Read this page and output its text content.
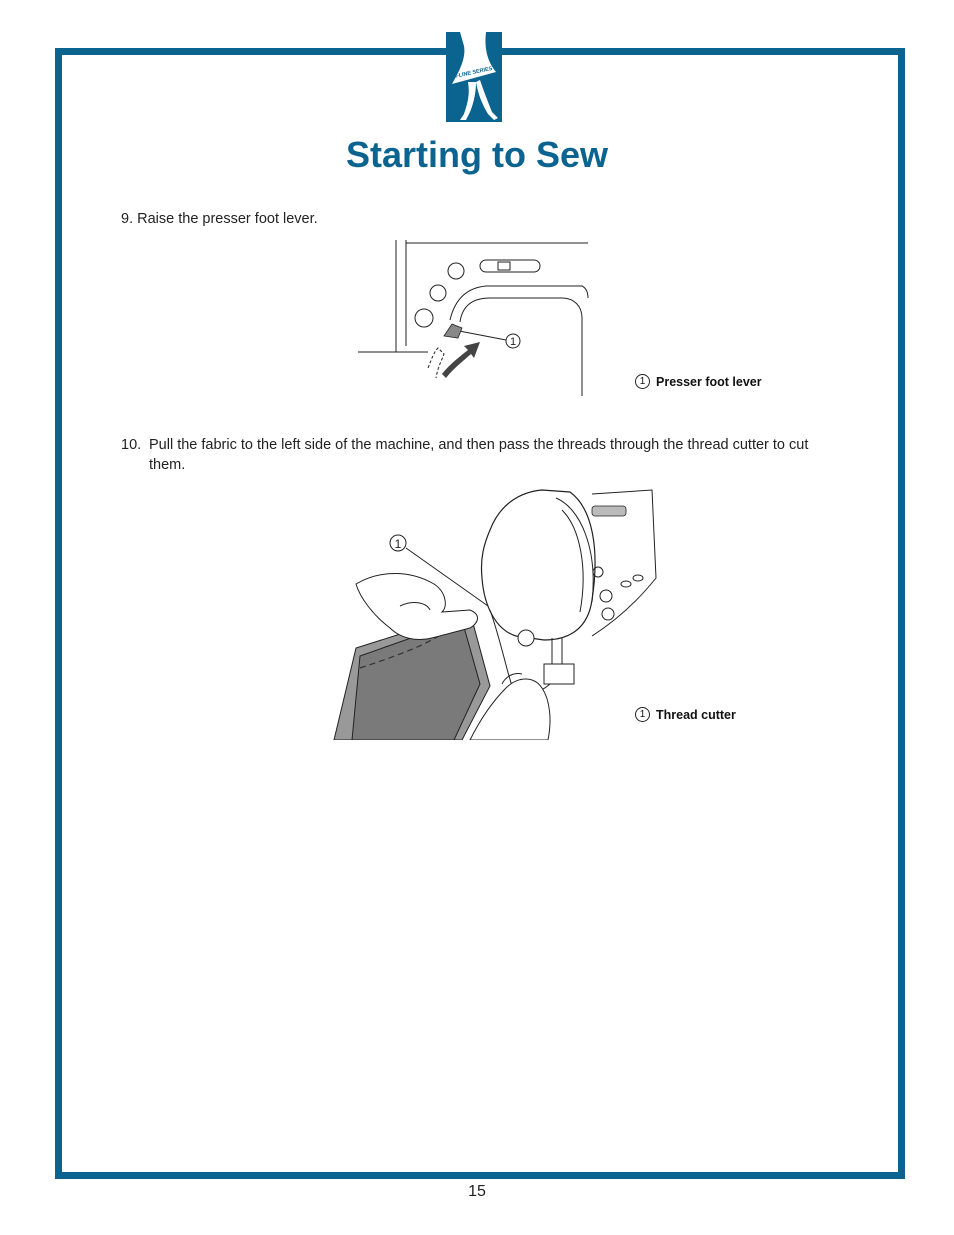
A-LINE SERIES
Starting to Sew
9. Raise the presser foot lever.
1
1 Presser foot lever
10. Pull the fabric to the left side of the machine, and then pass the threads through the thread cutter to cut them.
1
1 Thread cutter
15
